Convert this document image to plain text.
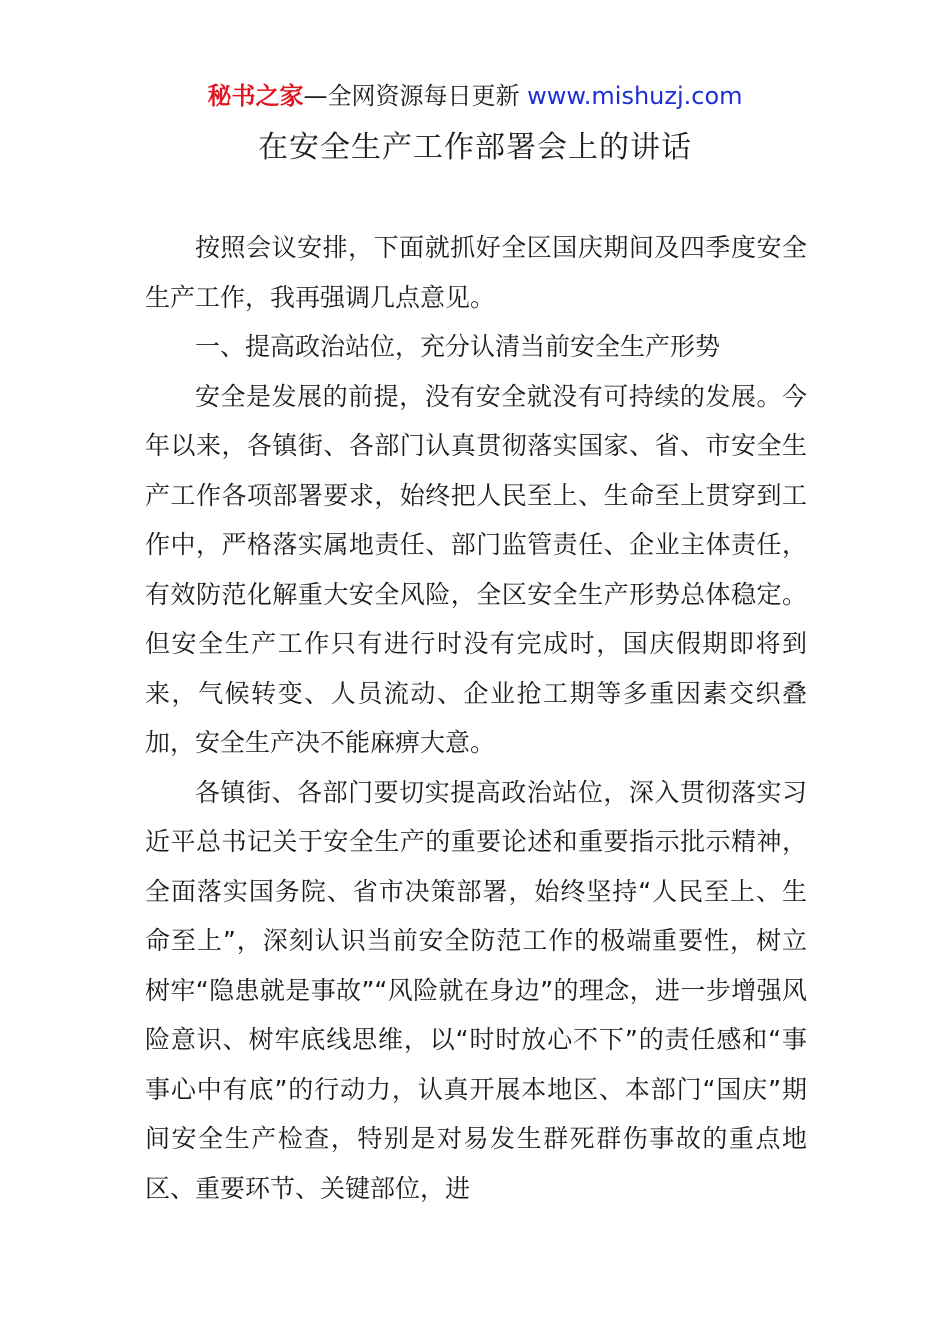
秘书之家—全网资源每日更新 www.mishuzj.com
在安全生产工作部署会上的讲话

按照会议安排，下面就抓好全区国庆期间及四季度安全生产工作，我再强调几点意见。

一、提高政治站位，充分认清当前安全生产形势

安全是发展的前提，没有安全就没有可持续的发展。今年以来，各镇街、各部门认真贯彻落实国家、省、市安全生产工作各项部署要求，始终把人民至上、生命至上贯穿到工作中，严格落实属地责任、部门监管责任、企业主体责任，有效防范化解重大安全风险，全区安全生产形势总体稳定。但安全生产工作只有进行时没有完成时，国庆假期即将到来，气候转变、人员流动、企业抢工期等多重因素交织叠加，安全生产决不能麻痹大意。

各镇街、各部门要切实提高政治站位，深入贯彻落实习近平总书记关于安全生产的重要论述和重要指示批示精神，全面落实国务院、省市决策部署，始终坚持“人民至上、生命至上”，深刻认识当前安全防范工作的极端重要性，树立树牢“隐患就是事故”“风险就在身边”的理念，进一步增强风险意识、树牢底线思维，以“时时放心不下”的责任感和“事事心中有底”的行动力，认真开展本地区、本部门“国庆”期间安全生产检查，特别是对易发生群死群伤事故的重点地区、重要环节、关键部位，进
